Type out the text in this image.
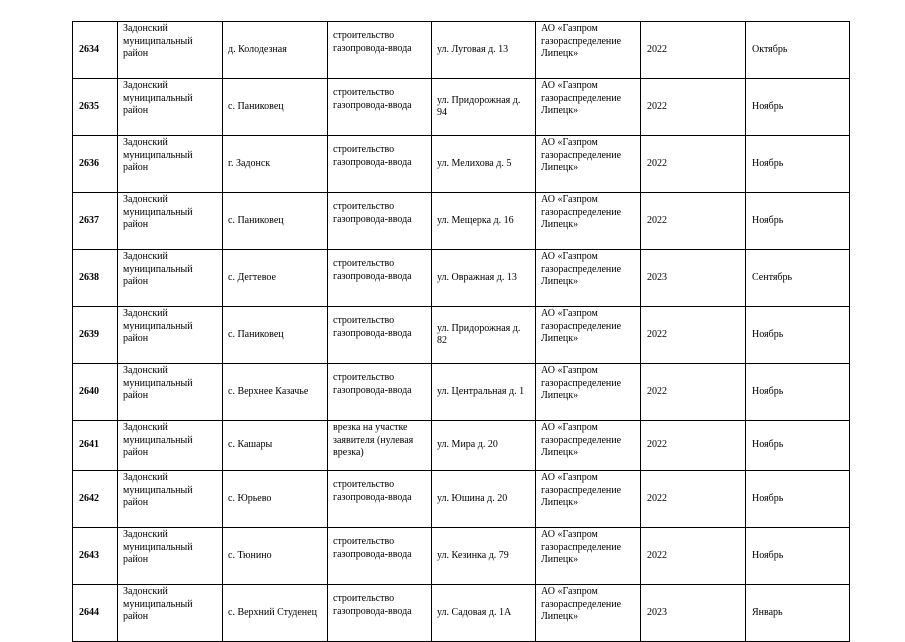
2634	Задонский муниципальный район	д. Колодезная	строительство газопровода-ввода	ул. Луговая д. 13	АО «Газпром газораспределение Липецк»	2022	Октябрь
2635	Задонский муниципальный район	с. Паниковец	строительство газопровода-ввода	ул. Придорожная д. 94	АО «Газпром газораспределение Липецк»	2022	Ноябрь
2636	Задонский муниципальный район	г. Задонск	строительство газопровода-ввода	ул. Мелихова д. 5	АО «Газпром газораспределение Липецк»	2022	Ноябрь
2637	Задонский муниципальный район	с. Паниковец	строительство газопровода-ввода	ул. Мещерка д. 16	АО «Газпром газораспределение Липецк»	2022	Ноябрь
2638	Задонский муниципальный район	с. Дегтевое	строительство газопровода-ввода	ул. Овражная д. 13	АО «Газпром газораспределение Липецк»	2023	Сентябрь
2639	Задонский муниципальный район	с. Паниковец	строительство газопровода-ввода	ул. Придорожная д. 82	АО «Газпром газораспределение Липецк»	2022	Ноябрь
2640	Задонский муниципальный район	с. Верхнее Казачье	строительство газопровода-ввода	ул. Центральная д. 1	АО «Газпром газораспределение Липецк»	2022	Ноябрь
2641	Задонский муниципальный район	с. Кашары	врезка на участке заявителя (нулевая врезка)	ул. Мира д. 20	АО «Газпром газораспределение Липецк»	2022	Ноябрь
2642	Задонский муниципальный район	с. Юрьево	строительство газопровода-ввода	ул. Юшина д. 20	АО «Газпром газораспределение Липецк»	2022	Ноябрь
2643	Задонский муниципальный район	с. Тюнино	строительство газопровода-ввода	ул. Кезинка д. 79	АО «Газпром газораспределение Липецк»	2022	Ноябрь
2644	Задонский муниципальный район	с. Верхний Студенец	строительство газопровода-ввода	ул. Садовая д. 1А	АО «Газпром газораспределение Липецк»	2023	Январь
